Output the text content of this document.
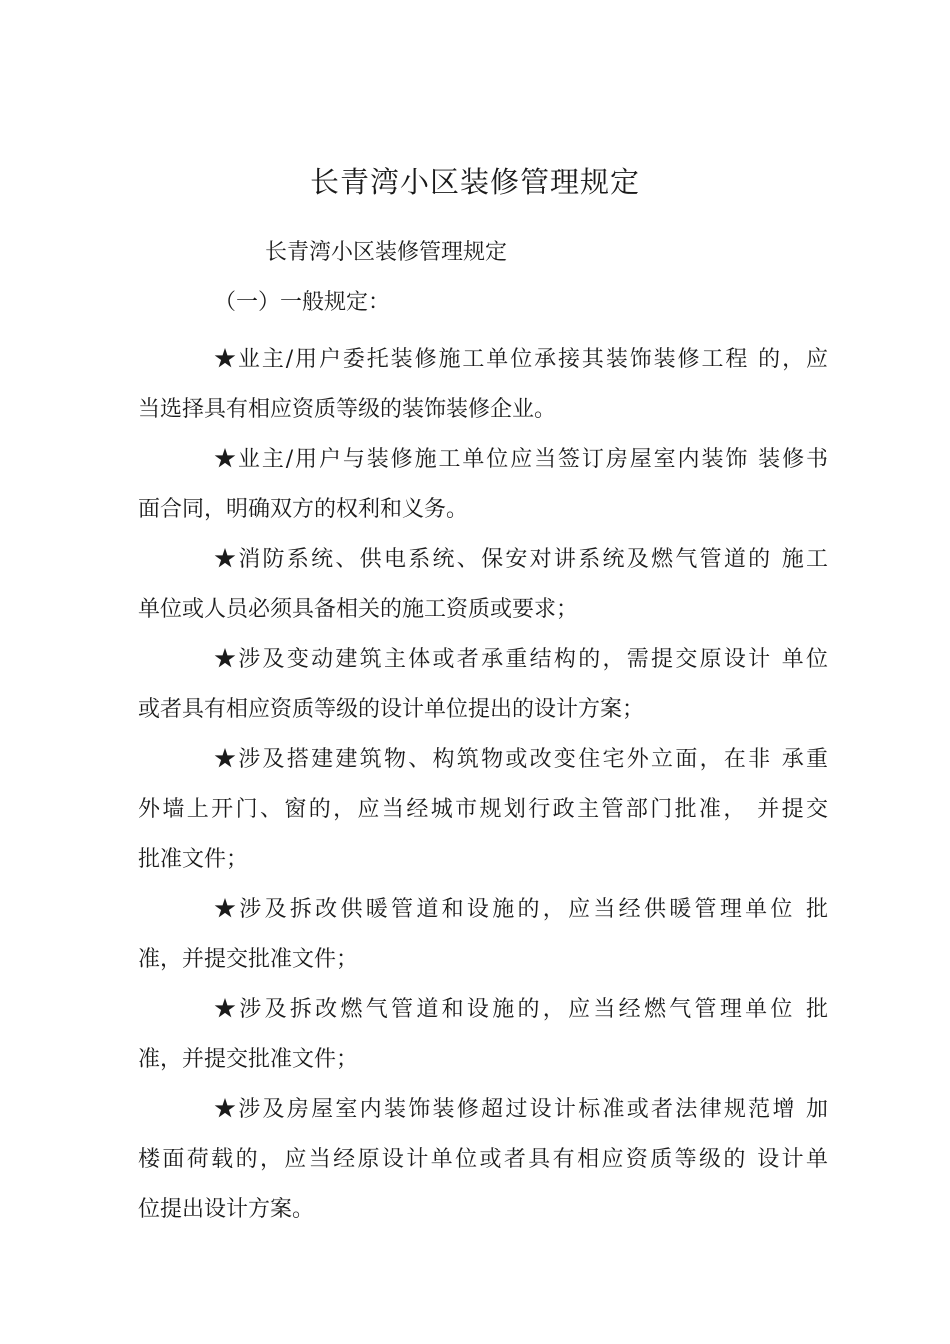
长青湾小区装修管理规定

长青湾小区装修管理规定

（一）一般规定：

★业主/用户委托装修施工单位承接其装饰装修工程 的，应
当选择具有相应资质等级的装饰装修企业。
★业主/用户与装修施工单位应当签订房屋室内装饰 装修书
面合同，明确双方的权利和义务。
★消防系统、供电系统、保安对讲系统及燃气管道的 施工
单位或人员必须具备相关的施工资质或要求；
★涉及变动建筑主体或者承重结构的，需提交原设计 单位
或者具有相应资质等级的设计单位提出的设计方案；
★涉及搭建建筑物、构筑物或改变住宅外立面，在非 承重
外墙上开门、窗的，应当经城市规划行政主管部门批准， 并提交
批准文件；
★涉及拆改供暖管道和设施的，应当经供暖管理单位 批
准，并提交批准文件；
★涉及拆改燃气管道和设施的，应当经燃气管理单位 批
准，并提交批准文件；
★涉及房屋室内装饰装修超过设计标准或者法律规范增 加
楼面荷载的，应当经原设计单位或者具有相应资质等级的 设计单
位提出设计方案。
